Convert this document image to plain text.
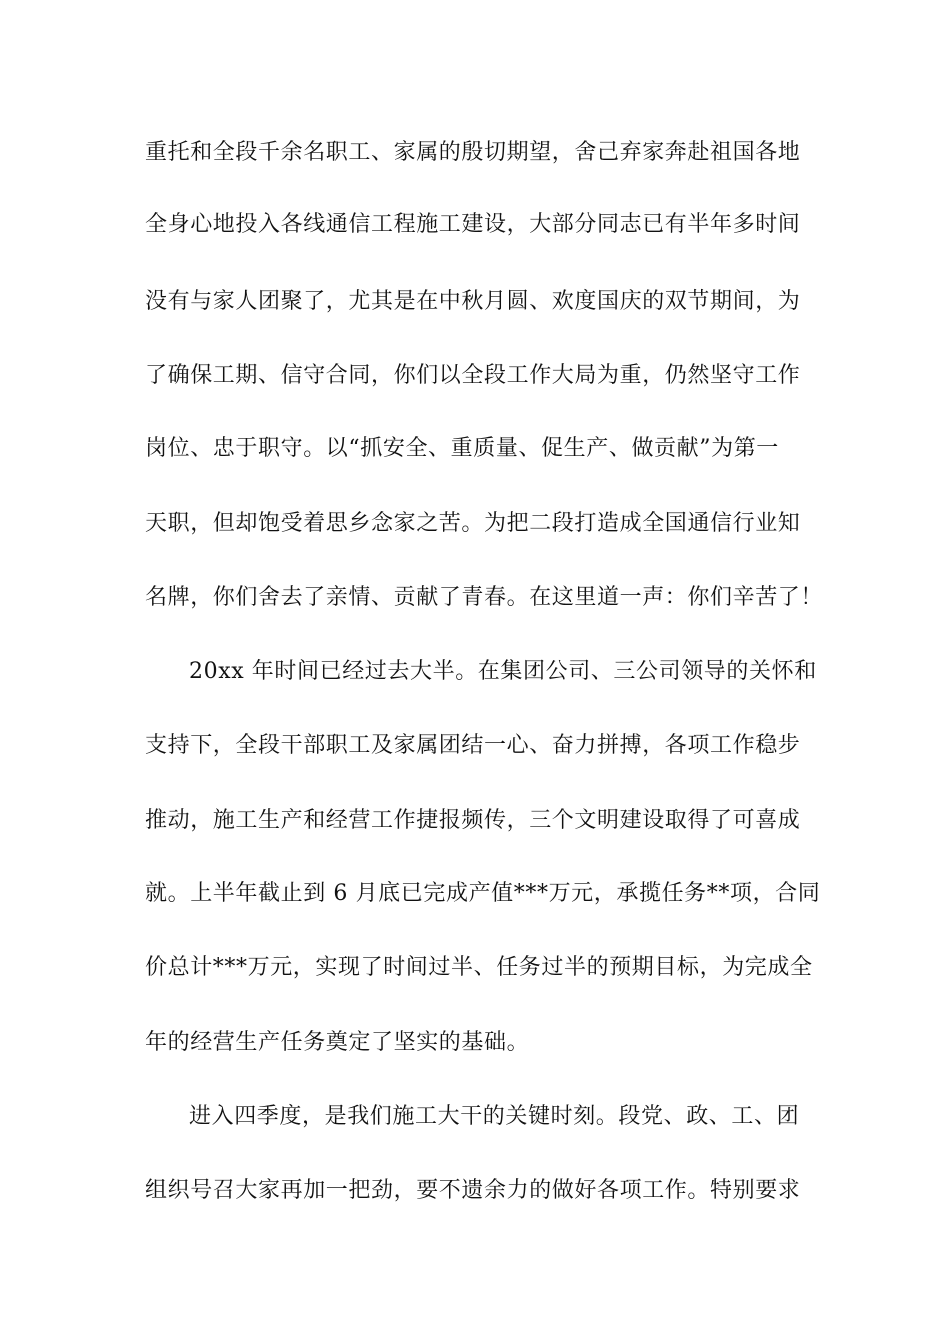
重托和全段千余名职工、家属的殷切期望，舍己弃家奔赴祖国各地
全身心地投入各线通信工程施工建设，大部分同志已有半年多时间
没有与家人团聚了，尤其是在中秋月圆、欢度国庆的双节期间，为
了确保工期、信守合同，你们以全段工作大局为重，仍然坚守工作
岗位、忠于职守。以“抓安全、重质量、促生产、做贡献”为第一
天职，但却饱受着思乡念家之苦。为把二段打造成全国通信行业知
名牌，你们舍去了亲情、贡献了青春。在这里道一声：你们辛苦了！
20xx 年时间已经过去大半。在集团公司、三公司领导的关怀和
支持下，全段干部职工及家属团结一心、奋力拼搏，各项工作稳步
推动，施工生产和经营工作捷报频传，三个文明建设取得了可喜成
就。上半年截止到 6 月底已完成产值***万元，承揽任务**项，合同
价总计***万元，实现了时间过半、任务过半的预期目标，为完成全
年的经营生产任务奠定了坚实的基础。
进入四季度，是我们施工大干的关键时刻。段党、政、工、团
组织号召大家再加一把劲，要不遗余力的做好各项工作。特别要求
